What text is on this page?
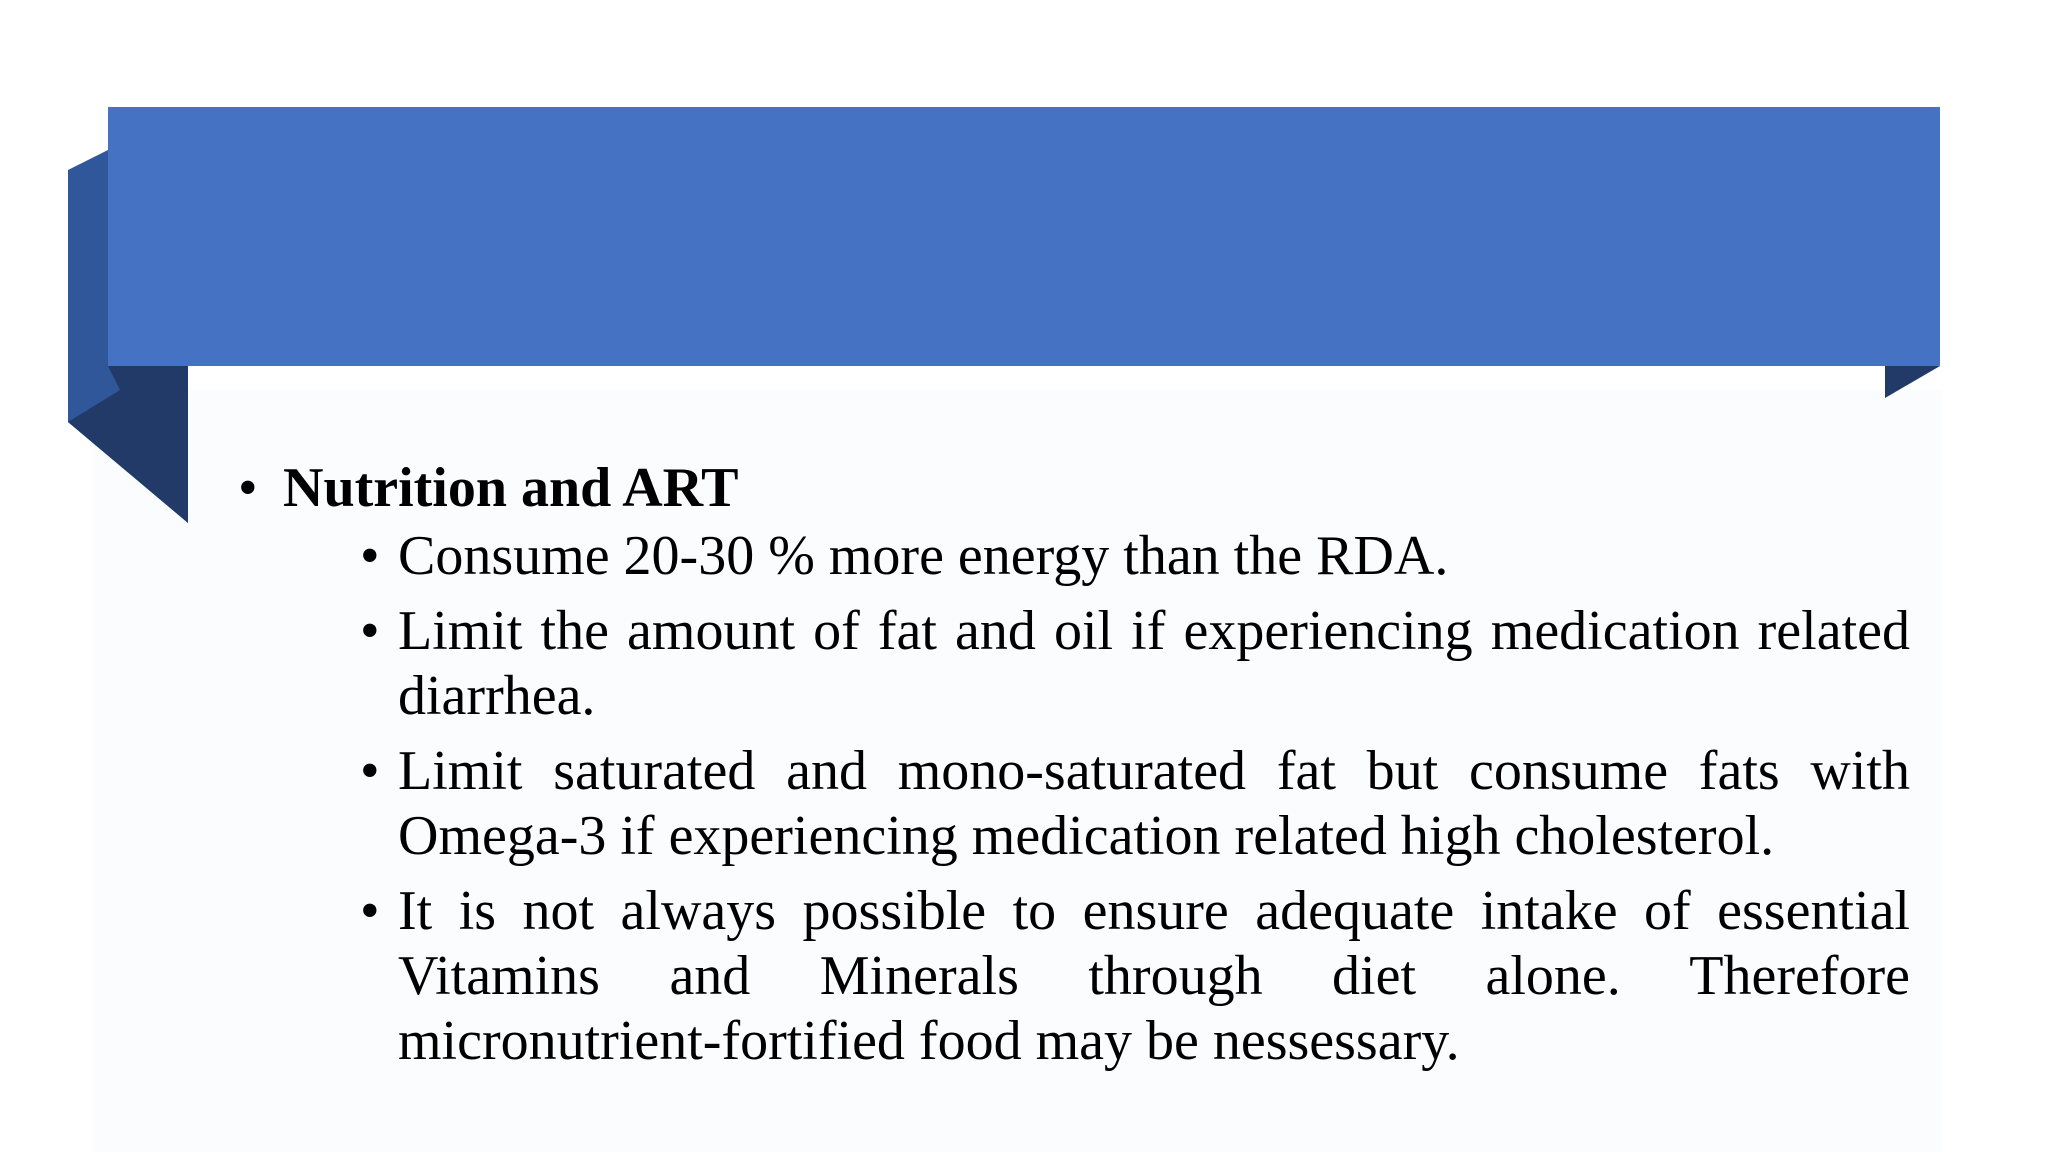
• Nutrition and ART
• Consume 20-30 % more energy than the RDA.
• Limit the amount of fat and oil if experiencing medication related diarrhea.
• Limit saturated and mono-saturated fat but consume fats with Omega-3 if experiencing medication related high cholesterol.
• It is not always possible to ensure adequate intake of essential Vitamins and Minerals through diet alone. Therefore micronutrient-fortified food may be nessessary.
